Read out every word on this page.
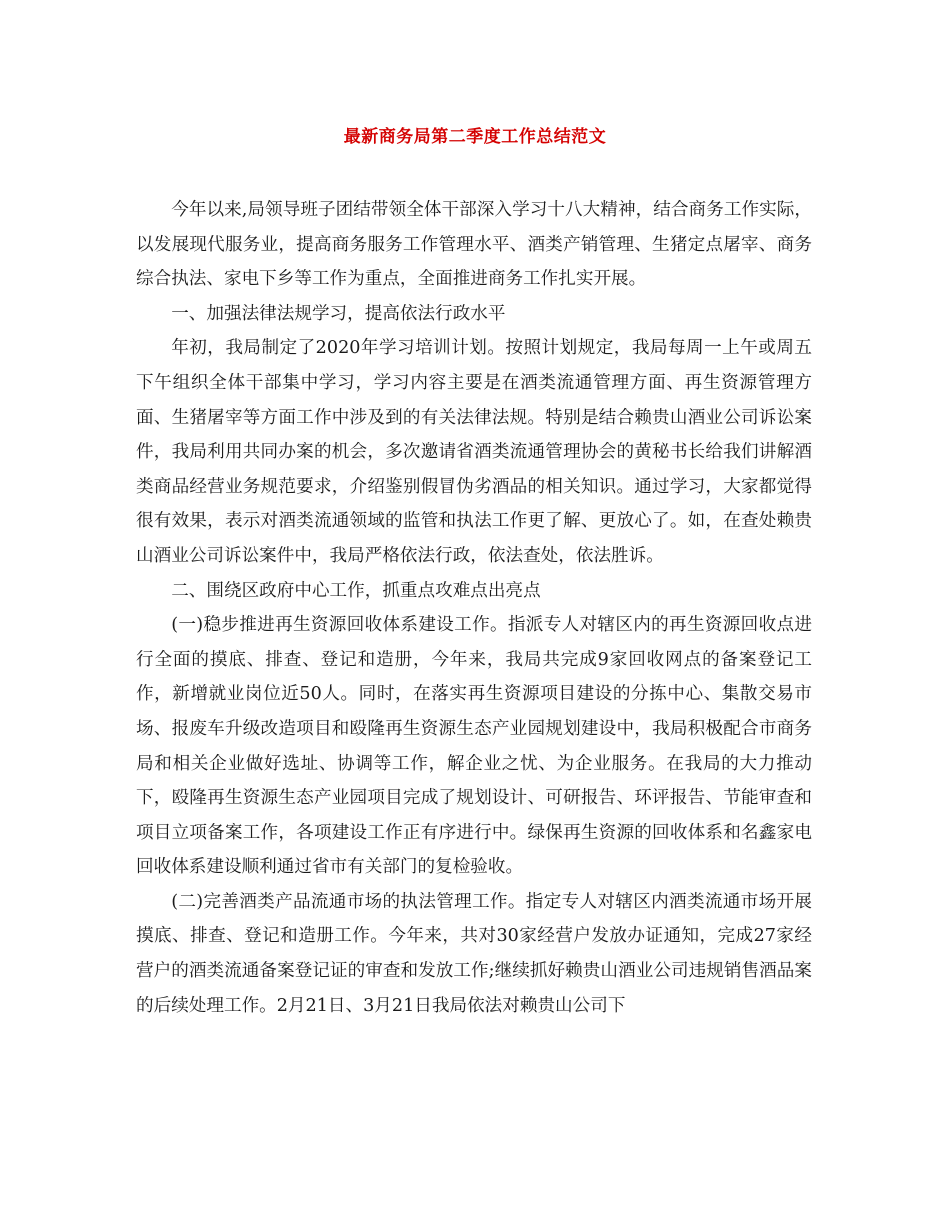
最新商务局第二季度工作总结范文

今年以来,局领导班子团结带领全体干部深入学习十八大精神，结合商务工作实际，以发展现代服务业，提高商务服务工作管理水平、酒类产销管理、生猪定点屠宰、商务综合执法、家电下乡等工作为重点，全面推进商务工作扎实开展。

一、加强法律法规学习，提高依法行政水平

年初，我局制定了2020年学习培训计划。按照计划规定，我局每周一上午或周五下午组织全体干部集中学习，学习内容主要是在酒类流通管理方面、再生资源管理方面、生猪屠宰等方面工作中涉及到的有关法律法规。特别是结合赖贵山酒业公司诉讼案件，我局利用共同办案的机会，多次邀请省酒类流通管理协会的黄秘书长给我们讲解酒类商品经营业务规范要求，介绍鉴别假冒伪劣酒品的相关知识。通过学习，大家都觉得很有效果，表示对酒类流通领域的监管和执法工作更了解、更放心了。如，在查处赖贵山酒业公司诉讼案件中，我局严格依法行政，依法查处，依法胜诉。

二、围绕区政府中心工作，抓重点攻难点出亮点

(一)稳步推进再生资源回收体系建设工作。指派专人对辖区内的再生资源回收点进行全面的摸底、排查、登记和造册，今年来，我局共完成9家回收网点的备案登记工作，新增就业岗位近50人。同时，在落实再生资源项目建设的分拣中心、集散交易市场、报废车升级改造项目和殴隆再生资源生态产业园规划建设中，我局积极配合市商务局和相关企业做好选址、协调等工作，解企业之忧、为企业服务。在我局的大力推动下，殴隆再生资源生态产业园项目完成了规划设计、可研报告、环评报告、节能审查和项目立项备案工作，各项建设工作正有序进行中。绿保再生资源的回收体系和名鑫家电回收体系建设顺利通过省市有关部门的复检验收。

(二)完善酒类产品流通市场的执法管理工作。指定专人对辖区内酒类流通市场开展摸底、排查、登记和造册工作。今年来，共对30家经营户发放办证通知，完成27家经营户的酒类流通备案登记证的审查和发放工作;继续抓好赖贵山酒业公司违规销售酒品案的后续处理工作。2月21日、3月21日我局依法对赖贵山公司下
